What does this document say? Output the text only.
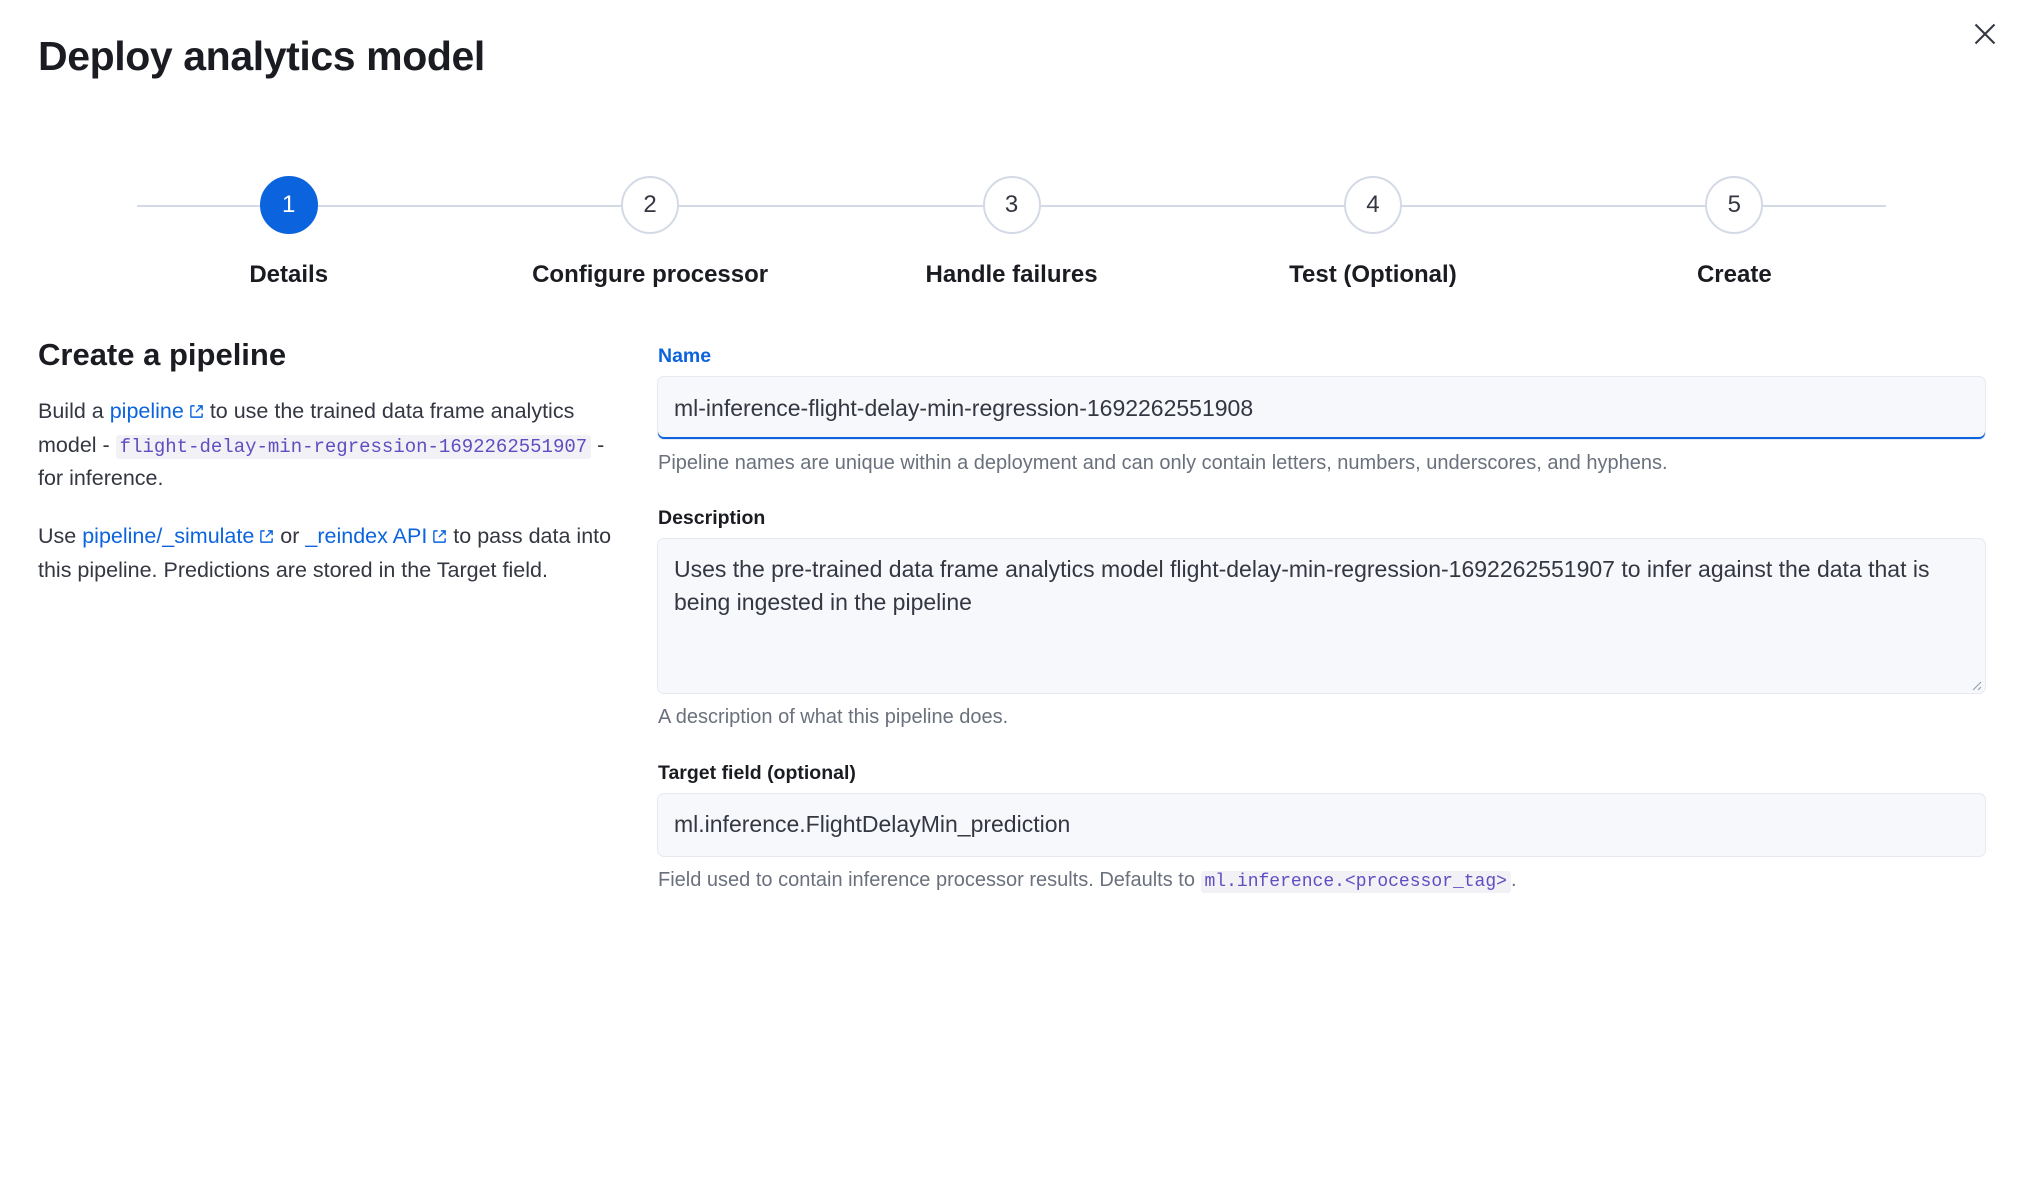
Deploy analytics model
1
Details
2
Configure processor
3
Handle failures
4
Test (Optional)
5
Create
Create a pipeline

Build a pipeline to use the trained data frame analytics model - flight-delay-min-regression-1692262551907 - for inference.

Use pipeline/_simulate or _reindex API to pass data into this pipeline. Predictions are stored in the Target field.

Name
ml-inference-flight-delay-min-regression-1692262551908
Pipeline names are unique within a deployment and can only contain letters, numbers, underscores, and hyphens.
Description
Uses the pre-trained data frame analytics model flight-delay-min-regression-1692262551907 to infer against the data that is being ingested in the pipeline
A description of what this pipeline does.
Target field (optional)
ml.inference.FlightDelayMin_prediction
Field used to contain inference processor results. Defaults to ml.inference.<processor_tag> .
